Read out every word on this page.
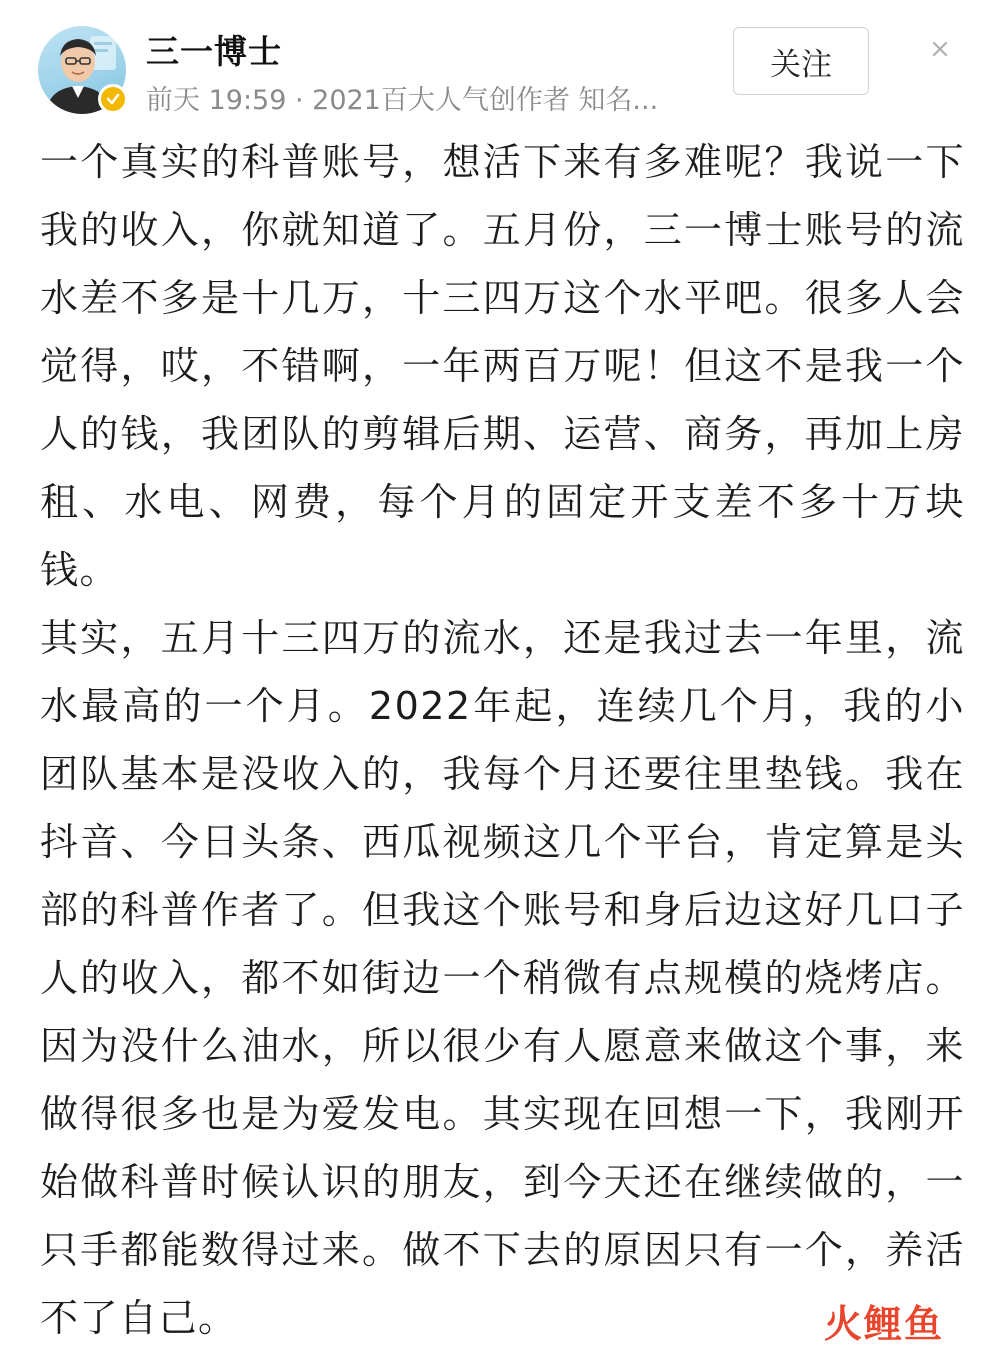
三一博士
前天 19:59 · 2021百大人气创作者 知名...
关注

一个真实的科普账号，想活下来有多难呢？我说一下我的收入，你就知道了。五月份，三一博士账号的流水差不多是十几万，十三四万这个水平吧。很多人会觉得，哎，不错啊，一年两百万呢！但这不是我一个人的钱，我团队的剪辑后期、运营、商务，再加上房租、水电、网费，每个月的固定开支差不多十万块钱。

其实，五月十三四万的流水，还是我过去一年里，流水最高的一个月。2022年起，连续几个月，我的小团队基本是没收入的，我每个月还要往里垫钱。我在抖音、今日头条、西瓜视频这几个平台，肯定算是头部的科普作者了。但我这个账号和身后边这好几口子人的收入，都不如街边一个稍微有点规模的烧烤店。因为没什么油水，所以很少有人愿意来做这个事，来做得很多也是为爱发电。其实现在回想一下，我刚开始做科普时候认识的朋友，到今天还在继续做的，一只手都能数得过来。做不下去的原因只有一个，养活不了自己。	火鲤鱼
